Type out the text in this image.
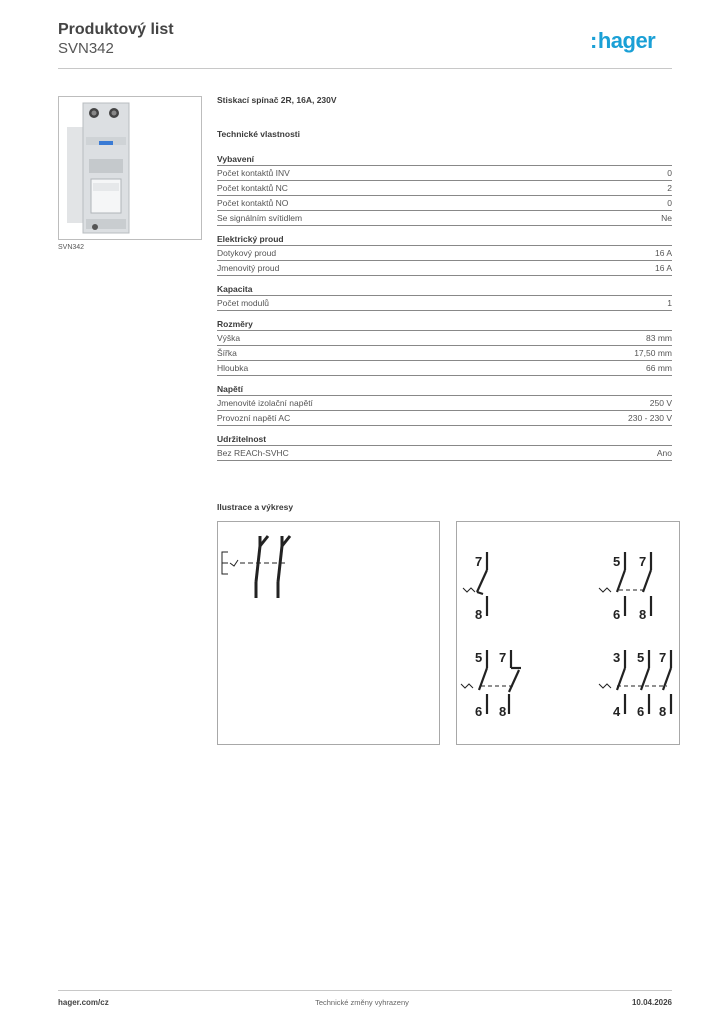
Produktový list
SVN342	:hager
SVN342
Stiskací spínač 2R, 16A, 230V
Technické vlastnosti
Vybavení
Počet kontaktů INV	0
Počet kontaktů NC	2
Počet kontaktů NO	0
Se signálním svítidlem	Ne
Elektrický proud
Dotykový proud	16 A
Jmenovitý proud	16 A
Kapacita
Počet modulů	1
Rozměry
Výška	83 mm
Šířka	17,50 mm
Hloubka	66 mm
Napětí
Jmenovité izolační napětí	250 V
Provozní napětí AC	230 - 230 V
Udržitelnost
Bez REACh-SVHC	Ano
Ilustrace a výkresy
7
8
5 7
6 8
5 7
6 8
3 5 7
4 6 8
hager.com/cz	Technické změny vyhrazeny	10.04.2026
